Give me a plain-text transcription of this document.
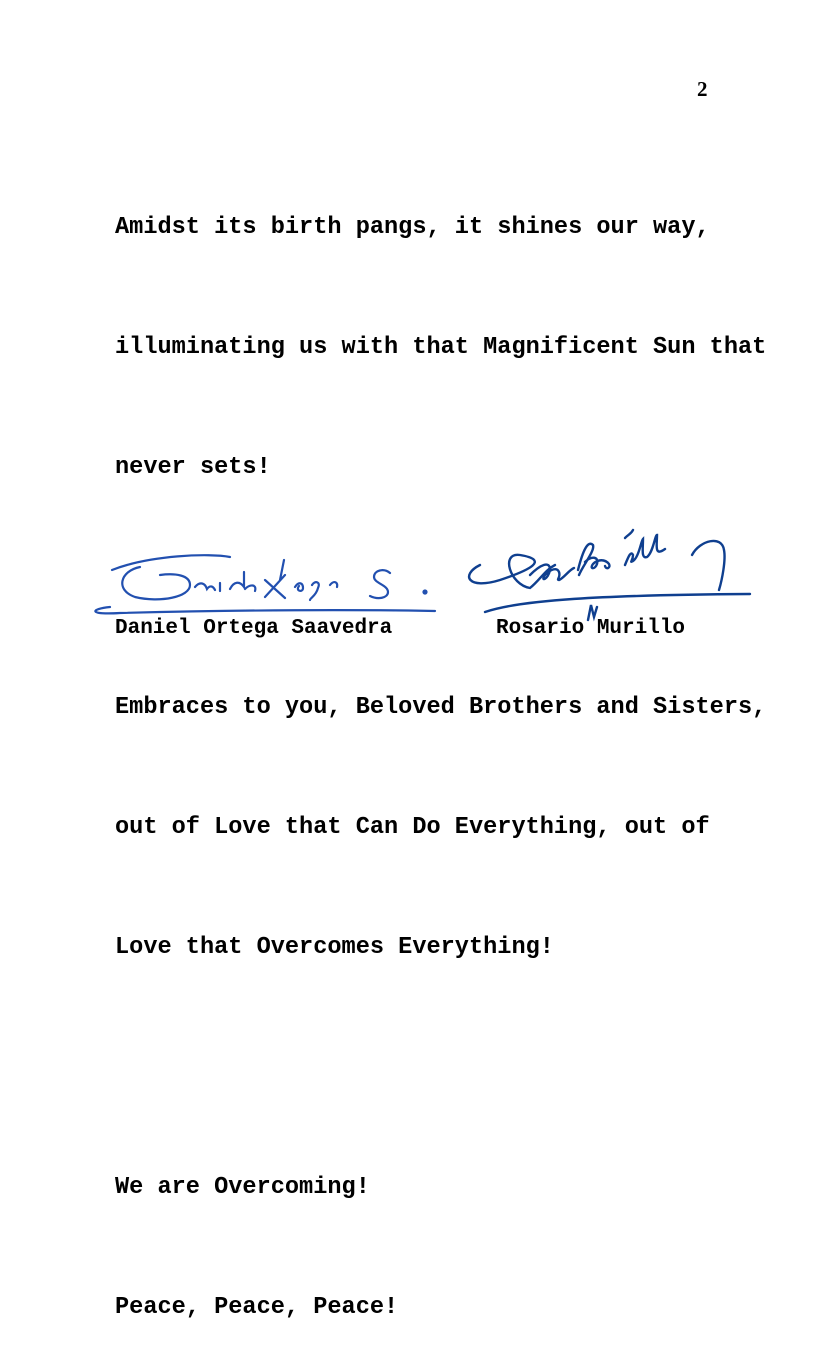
2

Amidst its birth pangs, it shines our way,

illuminating us with that Magnificent Sun that

never sets!

Embraces to you, Beloved Brothers and Sisters,

out of Love that Can Do Everything, out of

Love that Overcomes Everything!

We are Overcoming!

Peace, Peace, Peace!

Daniel Ortega Saavedra	Rosario Murillo
